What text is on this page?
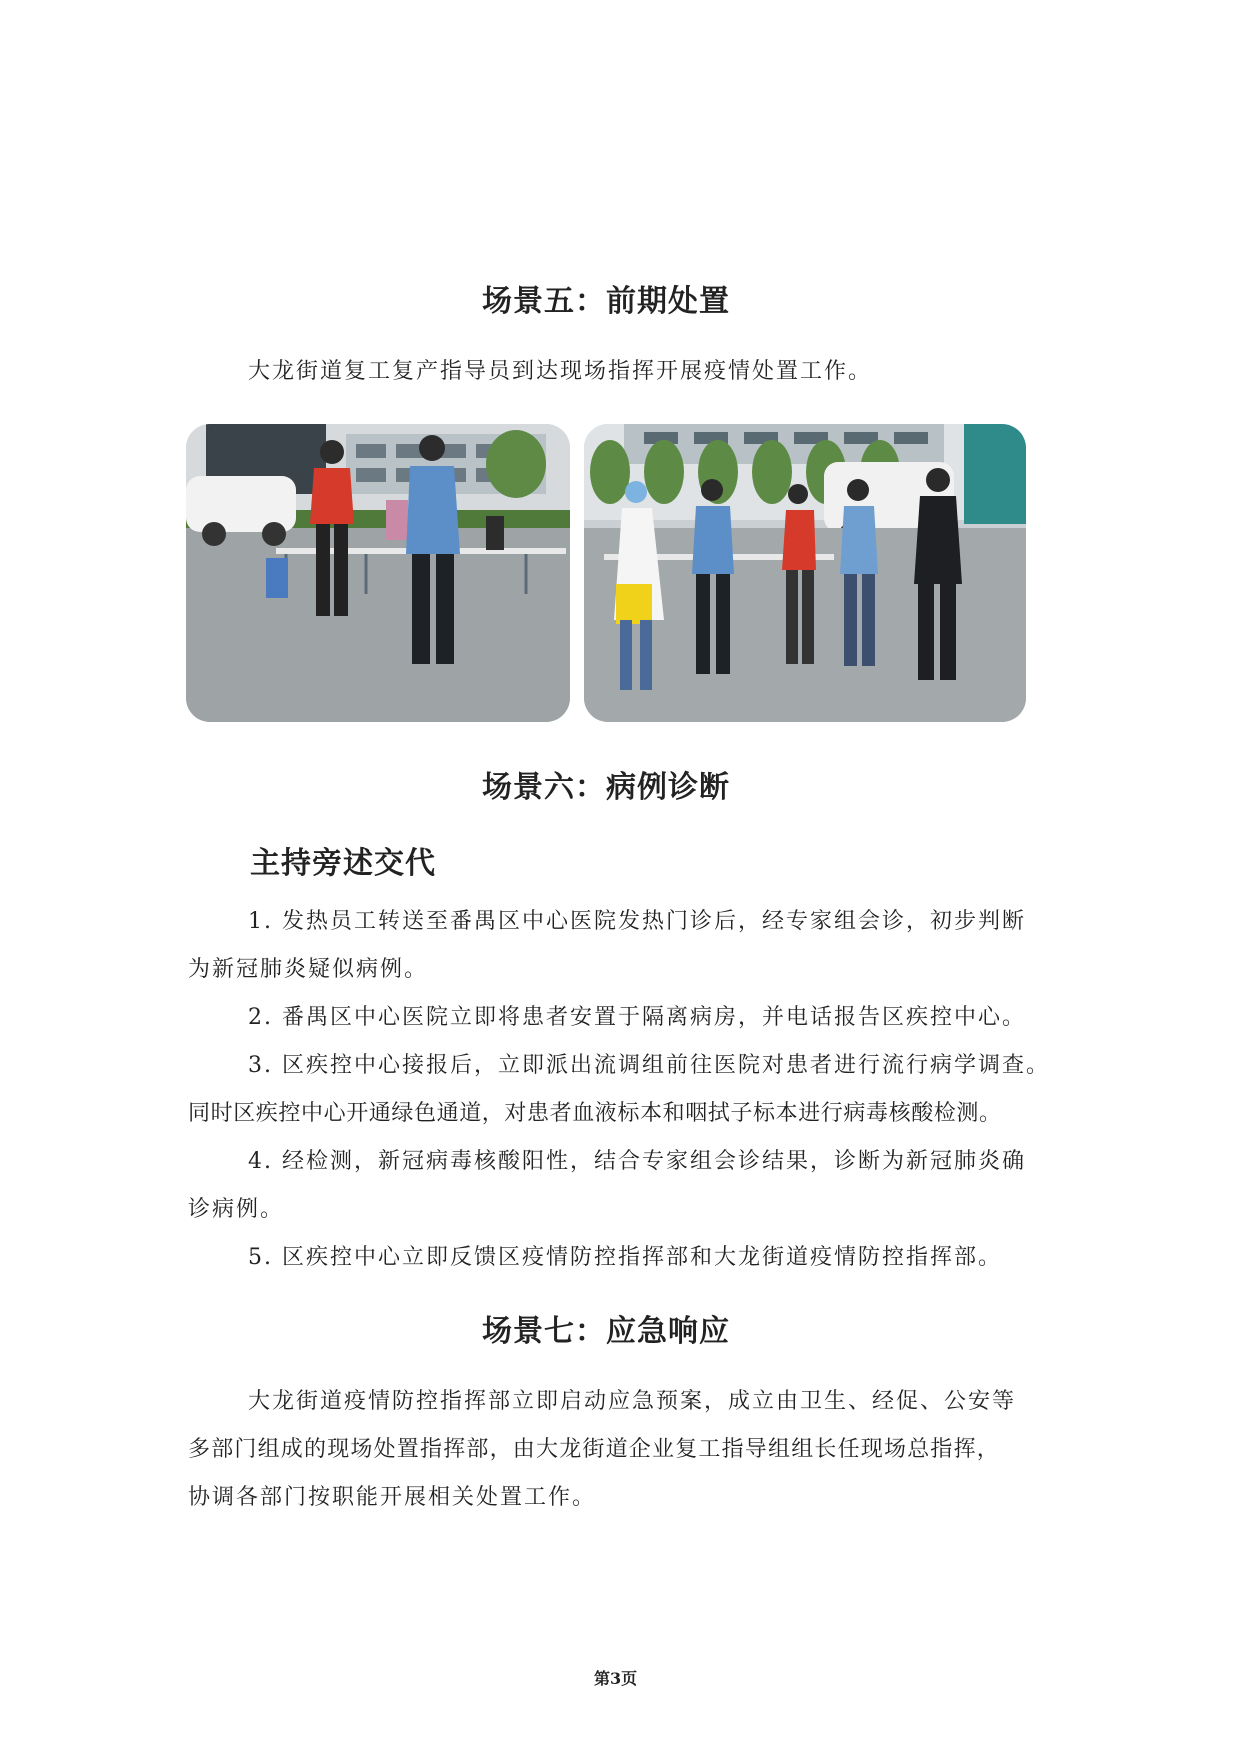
场景五：前期处置
大龙街道复工复产指导员到达现场指挥开展疫情处置工作。
场景六：病例诊断
主持旁述交代
1. 发热员工转送至番禺区中心医院发热门诊后，经专家组会诊，初步判断
为新冠肺炎疑似病例。
2. 番禺区中心医院立即将患者安置于隔离病房，并电话报告区疾控中心。
3. 区疾控中心接报后，立即派出流调组前往医院对患者进行流行病学调查。
同时区疾控中心开通绿色通道，对患者血液标本和咽拭子标本进行病毒核酸检测。
4. 经检测，新冠病毒核酸阳性，结合专家组会诊结果，诊断为新冠肺炎确
诊病例。
5. 区疾控中心立即反馈区疫情防控指挥部和大龙街道疫情防控指挥部。
场景七：应急响应
大龙街道疫情防控指挥部立即启动应急预案，成立由卫生、经促、公安等
多部门组成的现场处置指挥部，由大龙街道企业复工指导组组长任现场总指挥，
协调各部门按职能开展相关处置工作。
第3页
